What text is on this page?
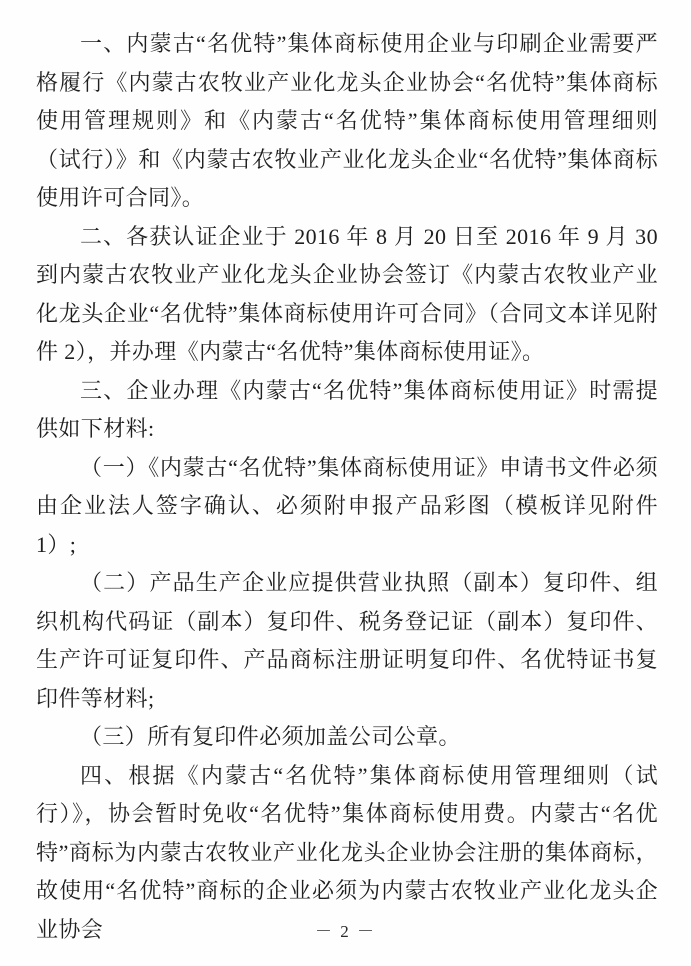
一、内蒙古“名优特”集体商标使用企业与印刷企业需要严格履行《内蒙古农牧业产业化龙头企业协会“名优特”集体商标使用管理规则》和《内蒙古“名优特”集体商标使用管理细则（试行）》和《内蒙古农牧业产业化龙头企业“名优特”集体商标使用许可合同》。

二、各获认证企业于 2016 年 8 月 20 日至 2016 年 9 月 30 到内蒙古农牧业产业化龙头企业协会签订《内蒙古农牧业产业化龙头企业“名优特”集体商标使用许可合同》（合同文本详见附件 2），并办理《内蒙古“名优特”集体商标使用证》。

三、企业办理《内蒙古“名优特”集体商标使用证》时需提供如下材料:

（一）《内蒙古“名优特”集体商标使用证》申请书文件必须由企业法人签字确认、必须附申报产品彩图（模板详见附件 1）;

（二）产品生产企业应提供营业执照（副本）复印件、组织机构代码证（副本）复印件、税务登记证（副本）复印件、生产许可证复印件、产品商标注册证明复印件、名优特证书复印件等材料;

（三）所有复印件必须加盖公司公章。

四、根据《内蒙古“名优特”集体商标使用管理细则（试行）》，协会暂时免收“名优特”集体商标使用费。内蒙古“名优特”商标为内蒙古农牧业产业化龙头企业协会注册的集体商标，故使用“名优特”商标的企业必须为内蒙古农牧业产业化龙头企业协会	－ 2 －
